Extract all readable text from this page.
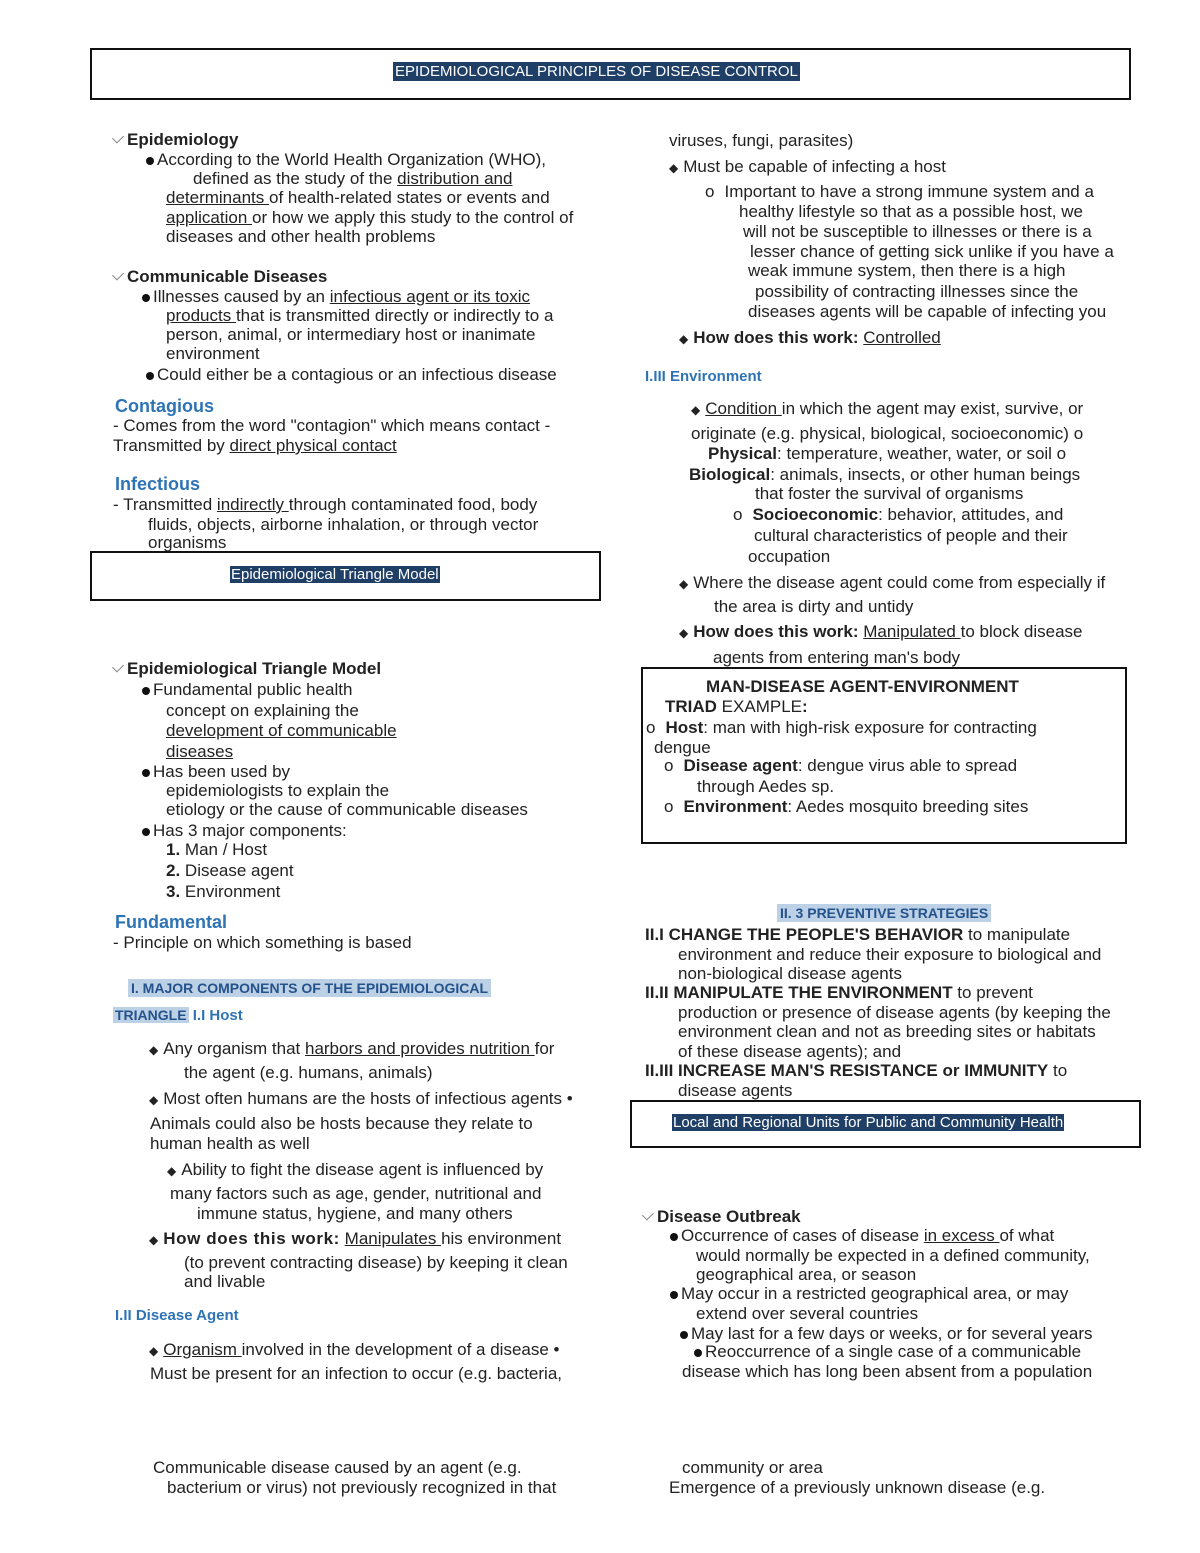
EPIDEMIOLOGICAL PRINCIPLES OF DISEASE CONTROL
Epidemiology
According to the World Health Organization (WHO),
defined as the study of the distribution and
determinants of health-related states or events and
application or how we apply this study to the control of
diseases and other health problems
Communicable Diseases
Illnesses caused by an infectious agent or its toxic
products that is transmitted directly or indirectly to a
person, animal, or intermediary host or inanimate
environment
Could either be a contagious or an infectious disease
Contagious
- Comes from the word "contagion" which means contact -
Transmitted by direct physical contact
Infectious
- Transmitted indirectly through contaminated food, body
fluids, objects, airborne inhalation, or through vector
organisms
Epidemiological Triangle Model
Epidemiological Triangle Model
Fundamental public health
concept on explaining the
development of communicable
diseases
Has been used by
epidemiologists to explain the
etiology or the cause of communicable diseases
Has 3 major components:
1. Man / Host
2. Disease agent
3. Environment
Fundamental
- Principle on which something is based
I. MAJOR COMPONENTS OF THE EPIDEMIOLOGICAL
TRIANGLE I.I Host
◆ Any organism that harbors and provides nutrition for
the agent (e.g. humans, animals)
◆ Most often humans are the hosts of infectious agents •
Animals could also be hosts because they relate to
human health as well
◆ Ability to fight the disease agent is influenced by
many factors such as age, gender, nutritional and
immune status, hygiene, and many others
◆ How does this work: Manipulates his environment
(to prevent contracting disease) by keeping it clean
and livable
I.II Disease Agent
◆ Organism involved in the development of a disease •
Must be present for an infection to occur (e.g. bacteria,
Communicable disease caused by an agent (e.g.
bacterium or virus) not previously recognized in that
viruses, fungi, parasites)
◆ Must be capable of infecting a host
o Important to have a strong immune system and a
healthy lifestyle so that as a possible host, we
will not be susceptible to illnesses or there is a
lesser chance of getting sick unlike if you have a
weak immune system, then there is a high
possibility of contracting illnesses since the
diseases agents will be capable of infecting you
◆ How does this work: Controlled
I.III Environment
◆ Condition in which the agent may exist, survive, or
originate (e.g. physical, biological, socioeconomic) o
Physical: temperature, weather, water, or soil o
Biological: animals, insects, or other human beings
that foster the survival of organisms
o Socioeconomic: behavior, attitudes, and
cultural characteristics of people and their
occupation
◆ Where the disease agent could come from especially if
the area is dirty and untidy
◆ How does this work: Manipulated to block disease
agents from entering man's body
MAN-DISEASE AGENT-ENVIRONMENT
TRIAD EXAMPLE:
o Host: man with high-risk exposure for contracting
dengue
o Disease agent: dengue virus able to spread
through Aedes sp.
o Environment: Aedes mosquito breeding sites
II. 3 PREVENTIVE STRATEGIES
II.I CHANGE THE PEOPLE'S BEHAVIOR to manipulate
environment and reduce their exposure to biological and
non-biological disease agents
II.II MANIPULATE THE ENVIRONMENT to prevent
production or presence of disease agents (by keeping the
environment clean and not as breeding sites or habitats
of these disease agents); and
II.III INCREASE MAN'S RESISTANCE or IMMUNITY to
disease agents
Local and Regional Units for Public and Community Health
Disease Outbreak
Occurrence of cases of disease in excess of what
would normally be expected in a defined community,
geographical area, or season
May occur in a restricted geographical area, or may
extend over several countries
May last for a few days or weeks, or for several years
Reoccurrence of a single case of a communicable
disease which has long been absent from a population
community or area
Emergence of a previously unknown disease (e.g.
